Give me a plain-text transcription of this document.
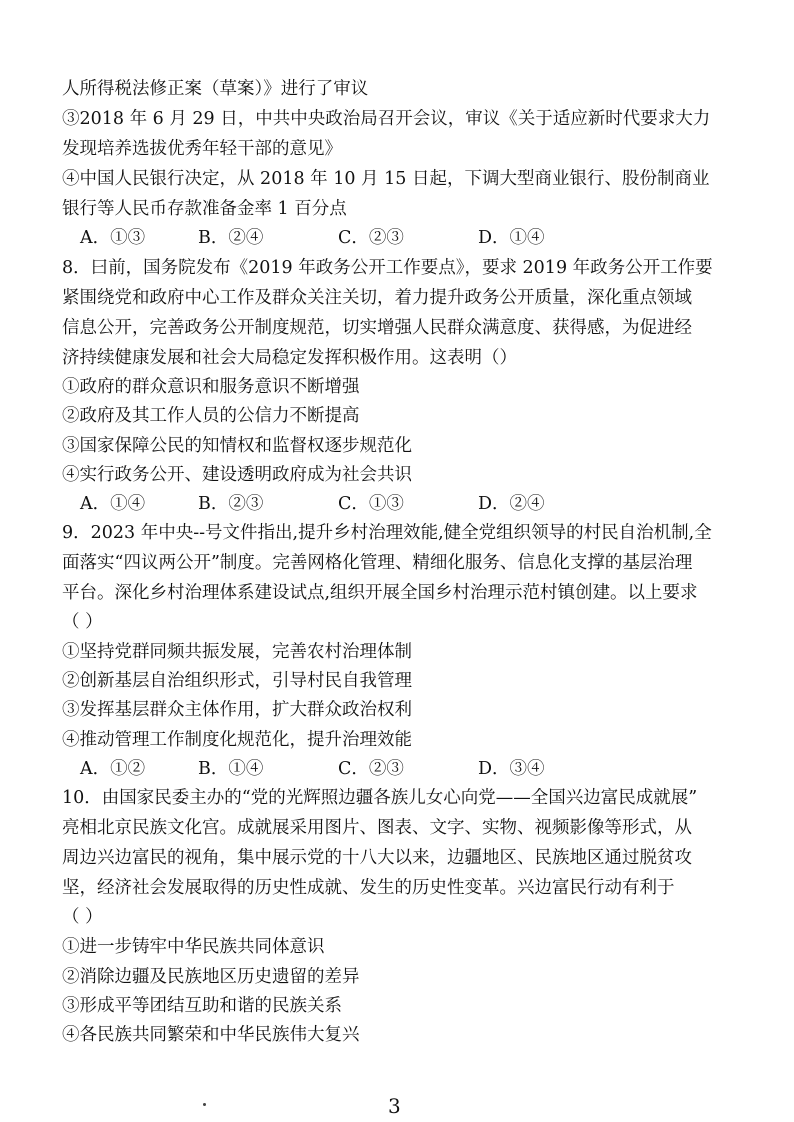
人所得税法修正案（草案）》进行了审议
③2018 年 6 月 29 日，中共中央政治局召开会议，审议《关于适应新时代要求大力
发现培养选拔优秀年轻干部的意见》
④中国人民银行决定，从 2018 年 10 月 15 日起，下调大型商业银行、股份制商业
银行等人民币存款准备金率 1 百分点
A．①③	B．②④	C．②③	D．①④
8．曰前，国务院发布《2019 年政务公开工作要点》，要求 2019 年政务公开工作要
紧围绕党和政府中心工作及群众关注关切，着力提升政务公开质量，深化重点领域
信息公开，完善政务公开制度规范，切实增强人民群众满意度、获得感，为促进经
济持续健康发展和社会大局稳定发挥积极作用。这表明（）
①政府的群众意识和服务意识不断增强
②政府及其工作人员的公信力不断提高
③国家保障公民的知情权和监督权逐步规范化
④实行政务公开、建设透明政府成为社会共识
A．①④	B．②③	C．①③	D．②④
9．2023 年中央--号文件指出,提升乡村治理效能,健全党组织领导的村民自治机制,全
面落实“四议两公开”制度。完善网格化管理、精细化服务、信息化支撑的基层治理
平台。深化乡村治理体系建设试点,组织开展全国乡村治理示范村镇创建。以上要求
（ ）
①坚持党群同频共振发展，完善农村治理体制
②创新基层自治组织形式，引导村民自我管理
③发挥基层群众主体作用，扩大群众政治权利
④推动管理工作制度化规范化，提升治理效能
A．①②	B．①④	C．②③	D．③④
10．由国家民委主办的“党的光辉照边疆各族儿女心向党——全国兴边富民成就展”
亮相北京民族文化宫。成就展采用图片、图表、文字、实物、视频影像等形式，从
周边兴边富民的视角，集中展示党的十八大以来，边疆地区、民族地区通过脱贫攻
坚，经济社会发展取得的历史性成就、发生的历史性变革。兴边富民行动有利于
（ ）
①进一步铸牢中华民族共同体意识
②消除边疆及民族地区历史遗留的差异
③形成平等团结互助和谐的民族关系
④各民族共同繁荣和中华民族伟大复兴
3
